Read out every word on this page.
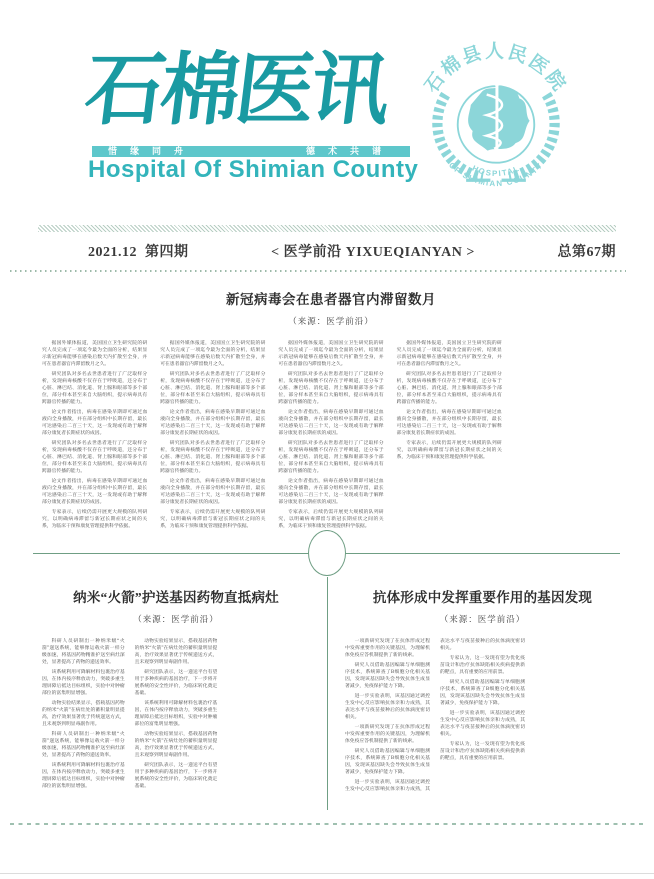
石棉医讯
惜缘同舟	德术共谱
Hospital Of Shimian County
石棉县人民医院
HOSPITAL
OF SHIMIAN COUNTY
2021.12 第四期	< 医学前沿 YIXUEQIANYAN >	总第67期
新冠病毒会在患者器官内滞留数月
（来源：医学前沿）

据国外媒体报道，美国国立卫生研究院的研究人员完成了一项迄今最为全面的分析，结果显示新冠病毒能够在感染后数天内扩散至全身，并可在患者器官内滞留数月之久。

研究团队对多名去世患者进行了广泛取样分析，发现病毒核酸不仅存在于呼吸道，还分布于心脏、淋巴结、消化道、肾上腺和眼部等多个部位，部分样本甚至来自大脑组织，提示病毒具有跨器官传播的能力。

论文作者指出，病毒在感染早期即可通过血液向全身播散，并在部分组织中长期存留，最长可达感染后二百三十天，这一发现或有助于解释部分康复者长期症状的成因。

研究团队对多名去世患者进行了广泛取样分析，发现病毒核酸不仅存在于呼吸道，还分布于心脏、淋巴结、消化道、肾上腺和眼部等多个部位，部分样本甚至来自大脑组织，提示病毒具有跨器官传播的能力。

论文作者指出，病毒在感染早期即可通过血液向全身播散，并在部分组织中长期存留，最长可达感染后二百三十天，这一发现或有助于解释部分康复者长期症状的成因。

专家表示，后续仍需开展更大规模的队列研究，以明确病毒滞留与新冠长期症状之间的关系，为临床干预和康复管理提供科学依据。

据国外媒体报道，美国国立卫生研究院的研究人员完成了一项迄今最为全面的分析，结果显示新冠病毒能够在感染后数天内扩散至全身，并可在患者器官内滞留数月之久。

研究团队对多名去世患者进行了广泛取样分析，发现病毒核酸不仅存在于呼吸道，还分布于心脏、淋巴结、消化道、肾上腺和眼部等多个部位，部分样本甚至来自大脑组织，提示病毒具有跨器官传播的能力。

论文作者指出，病毒在感染早期即可通过血液向全身播散，并在部分组织中长期存留，最长可达感染后二百三十天，这一发现或有助于解释部分康复者长期症状的成因。

研究团队对多名去世患者进行了广泛取样分析，发现病毒核酸不仅存在于呼吸道，还分布于心脏、淋巴结、消化道、肾上腺和眼部等多个部位，部分样本甚至来自大脑组织，提示病毒具有跨器官传播的能力。

论文作者指出，病毒在感染早期即可通过血液向全身播散，并在部分组织中长期存留，最长可达感染后二百三十天，这一发现或有助于解释部分康复者长期症状的成因。

专家表示，后续仍需开展更大规模的队列研究，以明确病毒滞留与新冠长期症状之间的关系，为临床干预和康复管理提供科学依据。

据国外媒体报道，美国国立卫生研究院的研究人员完成了一项迄今最为全面的分析，结果显示新冠病毒能够在感染后数天内扩散至全身，并可在患者器官内滞留数月之久。

研究团队对多名去世患者进行了广泛取样分析，发现病毒核酸不仅存在于呼吸道，还分布于心脏、淋巴结、消化道、肾上腺和眼部等多个部位，部分样本甚至来自大脑组织，提示病毒具有跨器官传播的能力。

论文作者指出，病毒在感染早期即可通过血液向全身播散，并在部分组织中长期存留，最长可达感染后二百三十天，这一发现或有助于解释部分康复者长期症状的成因。

研究团队对多名去世患者进行了广泛取样分析，发现病毒核酸不仅存在于呼吸道，还分布于心脏、淋巴结、消化道、肾上腺和眼部等多个部位，部分样本甚至来自大脑组织，提示病毒具有跨器官传播的能力。

论文作者指出，病毒在感染早期即可通过血液向全身播散，并在部分组织中长期存留，最长可达感染后二百三十天，这一发现或有助于解释部分康复者长期症状的成因。

专家表示，后续仍需开展更大规模的队列研究，以明确病毒滞留与新冠长期症状之间的关系，为临床干预和康复管理提供科学依据。

据国外媒体报道，美国国立卫生研究院的研究人员完成了一项迄今最为全面的分析，结果显示新冠病毒能够在感染后数天内扩散至全身，并可在患者器官内滞留数月之久。

研究团队对多名去世患者进行了广泛取样分析，发现病毒核酸不仅存在于呼吸道，还分布于心脏、淋巴结、消化道、肾上腺和眼部等多个部位，部分样本甚至来自大脑组织，提示病毒具有跨器官传播的能力。

论文作者指出，病毒在感染早期即可通过血液向全身播散，并在部分组织中长期存留，最长可达感染后二百三十天，这一发现或有助于解释部分康复者长期症状的成因。

专家表示，后续仍需开展更大规模的队列研究，以明确病毒滞留与新冠长期症状之间的关系，为临床干预和康复管理提供科学依据。

纳米“火箭”护送基因药物直抵病灶
（来源：医学前沿）

科研人员研制出一种纳米级“火箭”递送系统，能够像运载火箭一样分级加速，将基因药物精准护送至病灶深处，显著提高了药物的递送效率。

该系统利用可降解材料包裹治疗基因，在体内按序释放动力，突破多重生理屏障后抵达目标组织，实验中对肿瘤部位的富集明显增强。

动物实验结果显示，搭载基因药物的纳米“火箭”在病灶处的蓄积量明显提高，治疗效果显著优于传统递送方式，且未观察到明显毒副作用。

科研人员研制出一种纳米级“火箭”递送系统，能够像运载火箭一样分级加速，将基因药物精准护送至病灶深处，显著提高了药物的递送效率。

该系统利用可降解材料包裹治疗基因，在体内按序释放动力，突破多重生理屏障后抵达目标组织，实验中对肿瘤部位的富集明显增强。

动物实验结果显示，搭载基因药物的纳米“火箭”在病灶处的蓄积量明显提高，治疗效果显著优于传统递送方式，且未观察到明显毒副作用。

研究团队表示，这一递送平台有望用于多种疾病的基因治疗，下一步将开展系统的安全性评价，为临床转化奠定基础。

该系统利用可降解材料包裹治疗基因，在体内按序释放动力，突破多重生理屏障后抵达目标组织，实验中对肿瘤部位的富集明显增强。

动物实验结果显示，搭载基因药物的纳米“火箭”在病灶处的蓄积量明显提高，治疗效果显著优于传统递送方式，且未观察到明显毒副作用。

研究团队表示，这一递送平台有望用于多种疾病的基因治疗，下一步将开展系统的安全性评价，为临床转化奠定基础。

抗体形成中发挥重要作用的基因发现
（来源：医学前沿）

一项新研究发现了在抗体形成过程中发挥重要作用的关键基因，为理解机体免疫应答机制提供了新的线索。

研究人员借助基因编辑与单细胞测序技术，系统筛查了B细胞分化相关基因，发现该基因缺失会导致抗体生成显著减少，免疫保护能力下降。

进一步实验表明，该基因通过调控生发中心反应影响抗体亲和力成熟，其表达水平与疫苗接种后的抗体滴度密切相关。

一项新研究发现了在抗体形成过程中发挥重要作用的关键基因，为理解机体免疫应答机制提供了新的线索。

研究人员借助基因编辑与单细胞测序技术，系统筛查了B细胞分化相关基因，发现该基因缺失会导致抗体生成显著减少，免疫保护能力下降。

进一步实验表明，该基因通过调控生发中心反应影响抗体亲和力成熟，其表达水平与疫苗接种后的抗体滴度密切相关。

专家认为，这一发现有望为优化疫苗设计和治疗抗体缺陷相关疾病提供新的靶点，具有重要的应用前景。

研究人员借助基因编辑与单细胞测序技术，系统筛查了B细胞分化相关基因，发现该基因缺失会导致抗体生成显著减少，免疫保护能力下降。

进一步实验表明，该基因通过调控生发中心反应影响抗体亲和力成熟，其表达水平与疫苗接种后的抗体滴度密切相关。

专家认为，这一发现有望为优化疫苗设计和治疗抗体缺陷相关疾病提供新的靶点，具有重要的应用前景。
